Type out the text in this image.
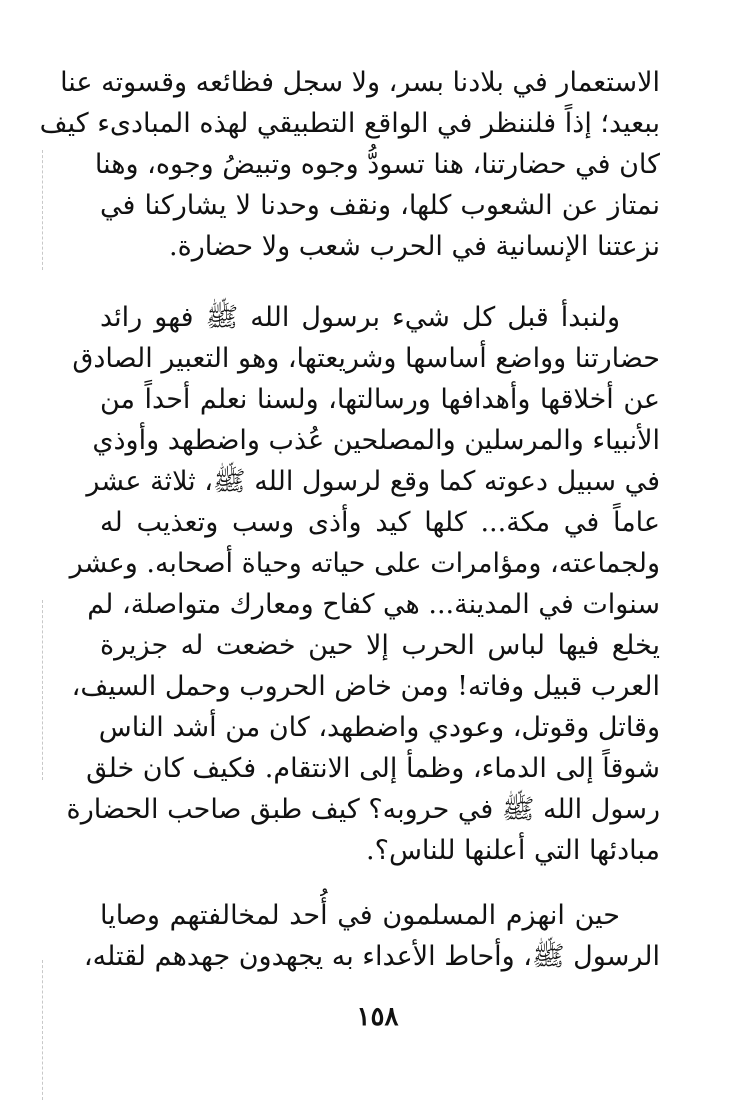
الاستعمار في بلادنا بسر، ولا سجل فظائعه وقسوته عنا
ببعيد؛ إذاً فلننظر في الواقع التطبيقي لهذه المبادىء كيف
كان في حضارتنا، هنا تسودُّ وجوه وتبيضُ وجوه، وهنا
نمتاز عن الشعوب كلها، ونقف وحدنا لا يشاركنا في
نزعتنا الإنسانية في الحرب شعب ولا حضارة.
ولنبدأ قبل كل شيء برسول الله ﷺ فهو رائد
حضارتنا وواضع أساسها وشريعتها، وهو التعبير الصادق
عن أخلاقها وأهدافها ورسالتها، ولسنا نعلم أحداً من
الأنبياء والمرسلين والمصلحين عُذب واضطهد وأوذي
في سبيل دعوته كما وقع لرسول الله ﷺ، ثلاثة عشر
عاماً في مكة... كلها كيد وأذى وسب وتعذيب له
ولجماعته، ومؤامرات على حياته وحياة أصحابه. وعشر
سنوات في المدينة... هي كفاح ومعارك متواصلة، لم
يخلع فيها لباس الحرب إلا حين خضعت له جزيرة
العرب قبيل وفاته! ومن خاض الحروب وحمل السيف،
وقاتل وقوتل، وعودي واضطهد، كان من أشد الناس
شوقاً إلى الدماء، وظمأ إلى الانتقام. فكيف كان خلق
رسول الله ﷺ في حروبه؟ كيف طبق صاحب الحضارة
مبادئها التي أعلنها للناس؟.
حين انهزم المسلمون في أُحد لمخالفتهم وصايا
الرسول ﷺ، وأحاط الأعداء به يجهدون جهدهم لقتله،
١٥٨
